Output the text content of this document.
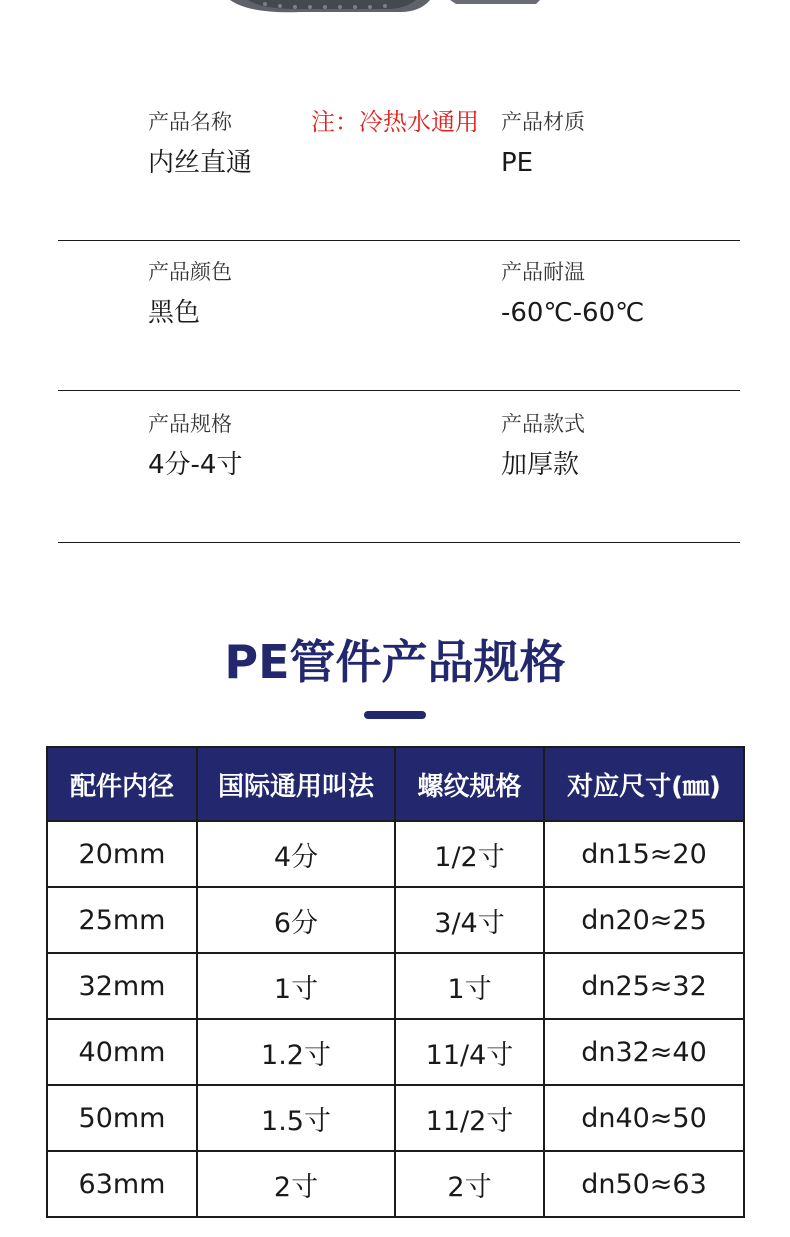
注：冷热水通用
产品名称
内丝直通
产品材质
PE
产品颜色
黑色
产品耐温
-60℃-60℃
产品规格
4分-4寸
产品款式
加厚款
PE管件产品规格
配件内径	国际通用叫法	螺纹规格	对应尺寸(㎜)
20mm	4分	1/2寸	dn15≈20
25mm	6分	3/4寸	dn20≈25
32mm	1寸	1寸	dn25≈32
40mm	1.2寸	11/4寸	dn32≈40
50mm	1.5寸	11/2寸	dn40≈50
63mm	2寸	2寸	dn50≈63
